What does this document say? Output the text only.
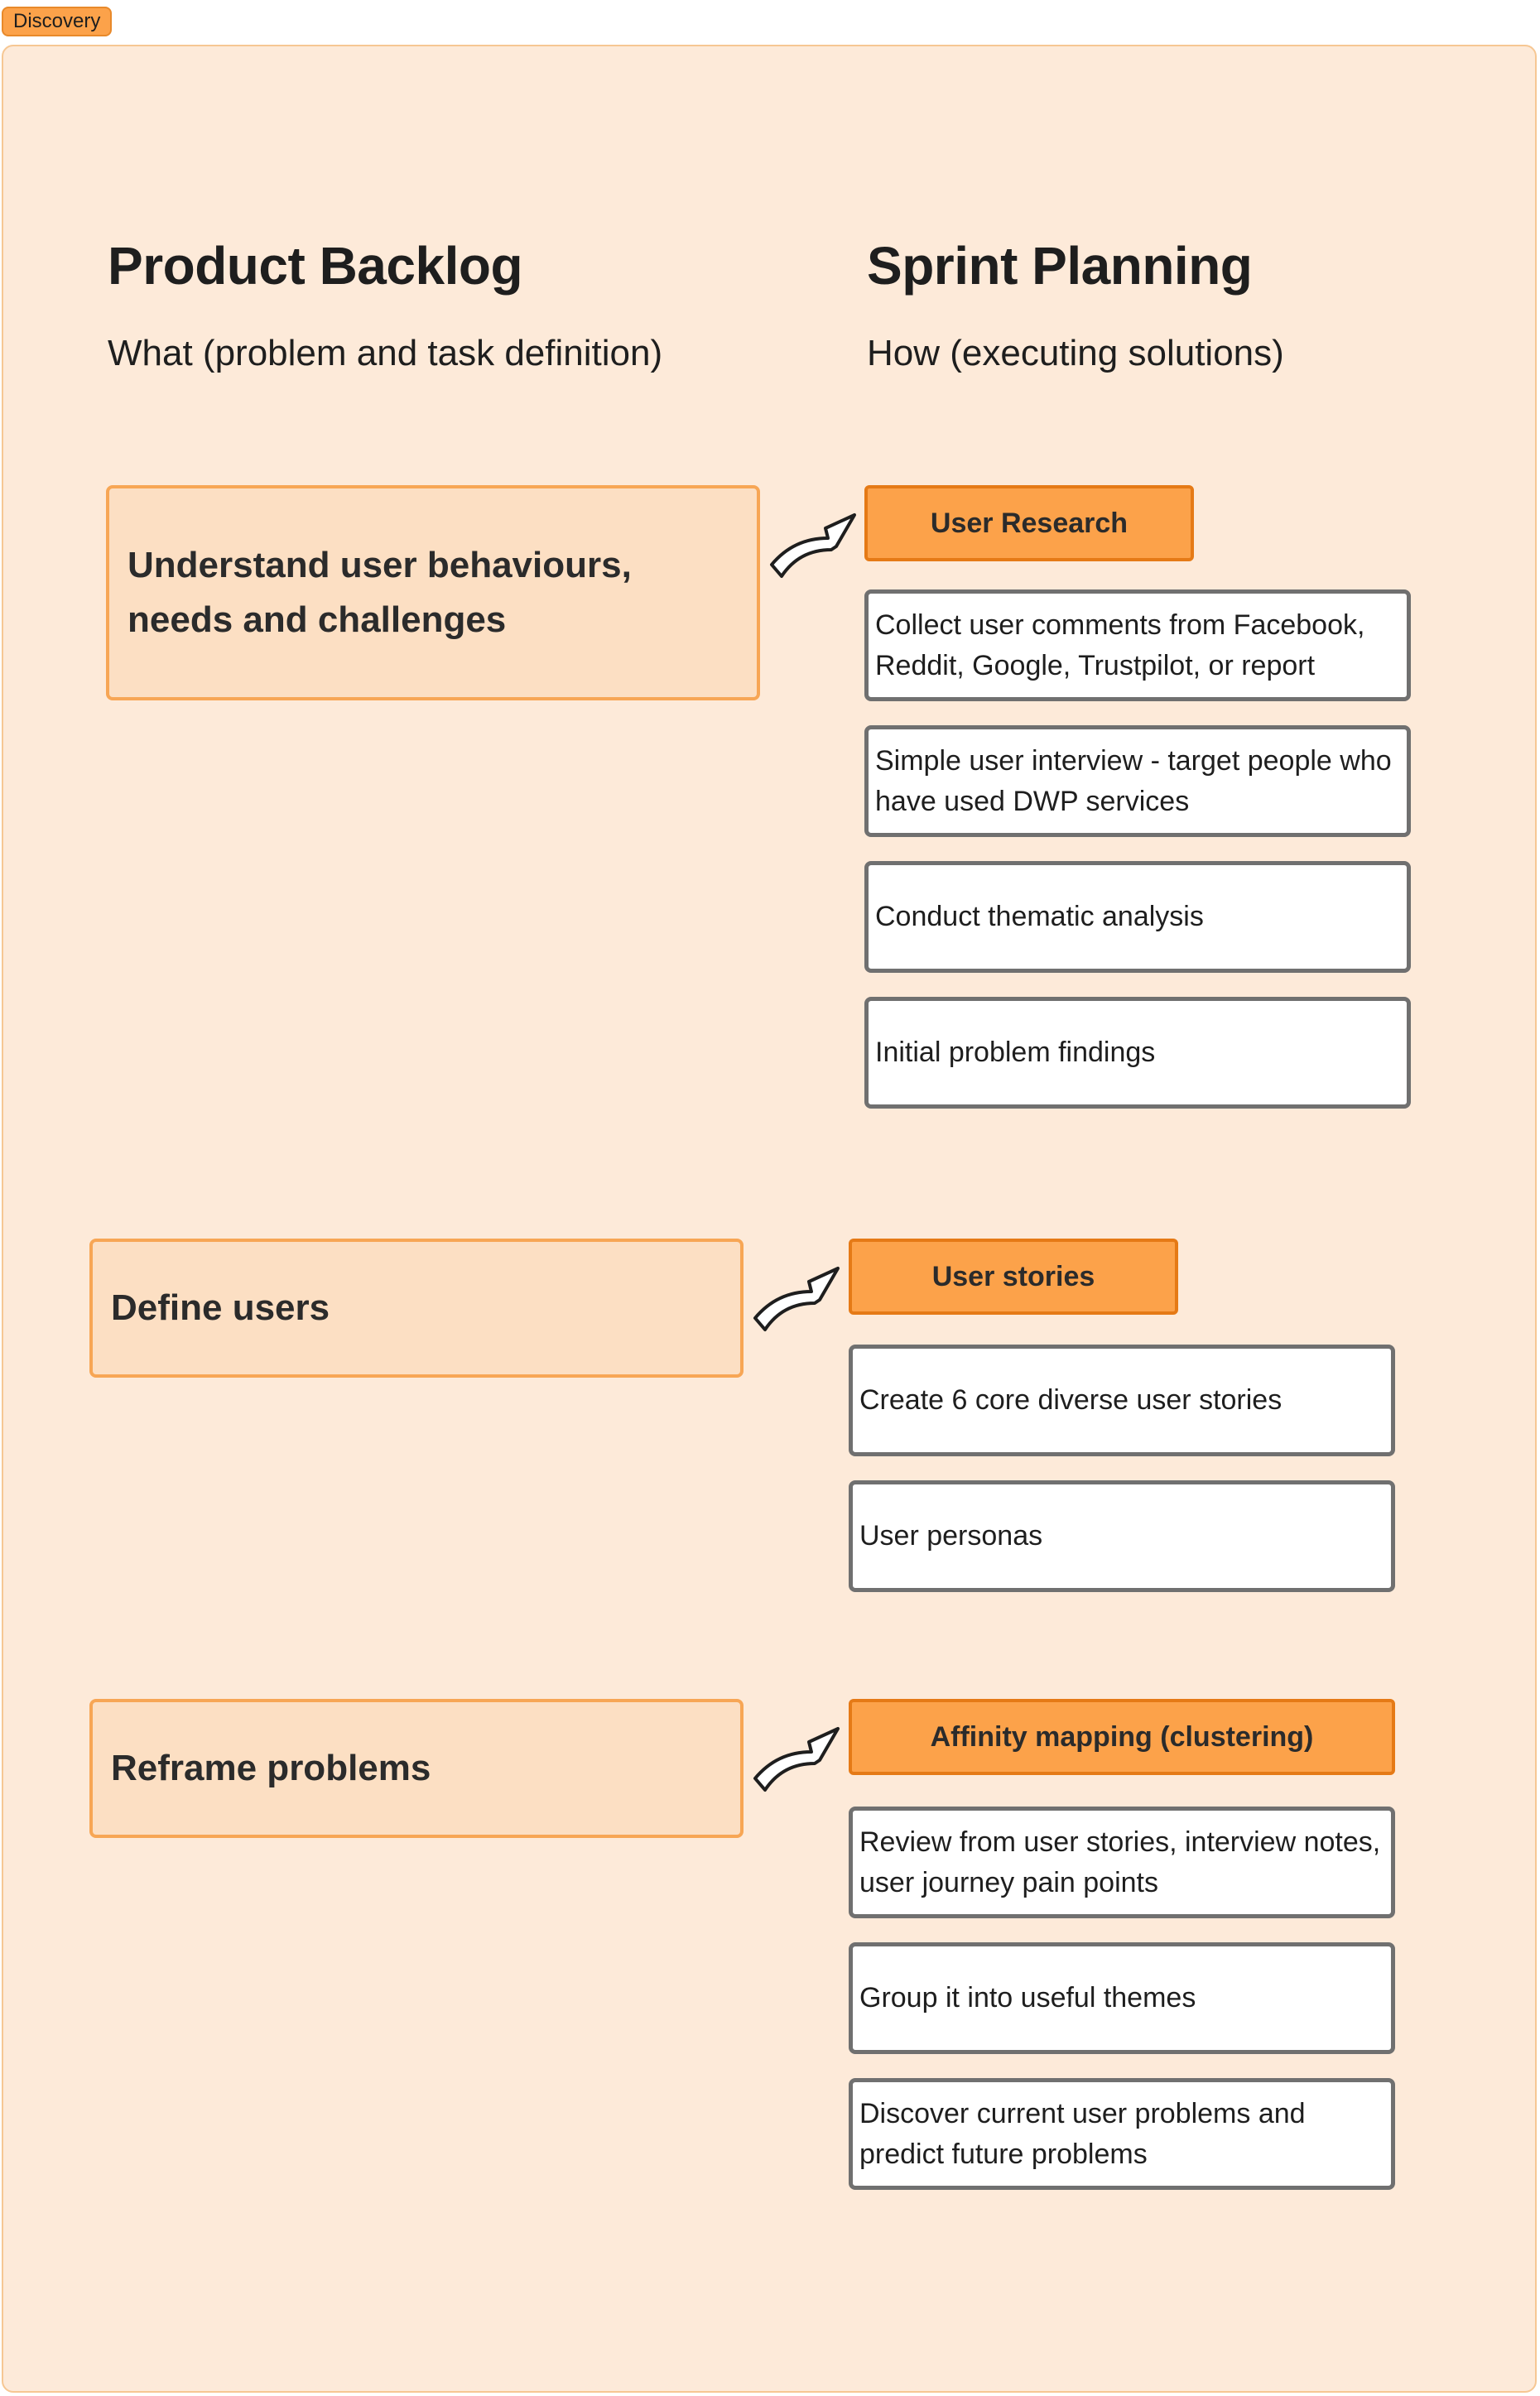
Discovery
Product Backlog
What (problem and task definition)
Sprint Planning
How (executing solutions)
Understand user behaviours, needs and challenges
User Research
Collect user comments from Facebook, Reddit, Google, Trustpilot, or report
Simple user interview - target people who have used DWP services
Conduct thematic analysis
Initial problem findings
Define users
User stories
Create 6 core diverse user stories
User personas
Reframe problems
Affinity mapping (clustering)
Review from user stories, interview notes, user journey pain points
Group it into useful themes
Discover current user problems and predict future problems
